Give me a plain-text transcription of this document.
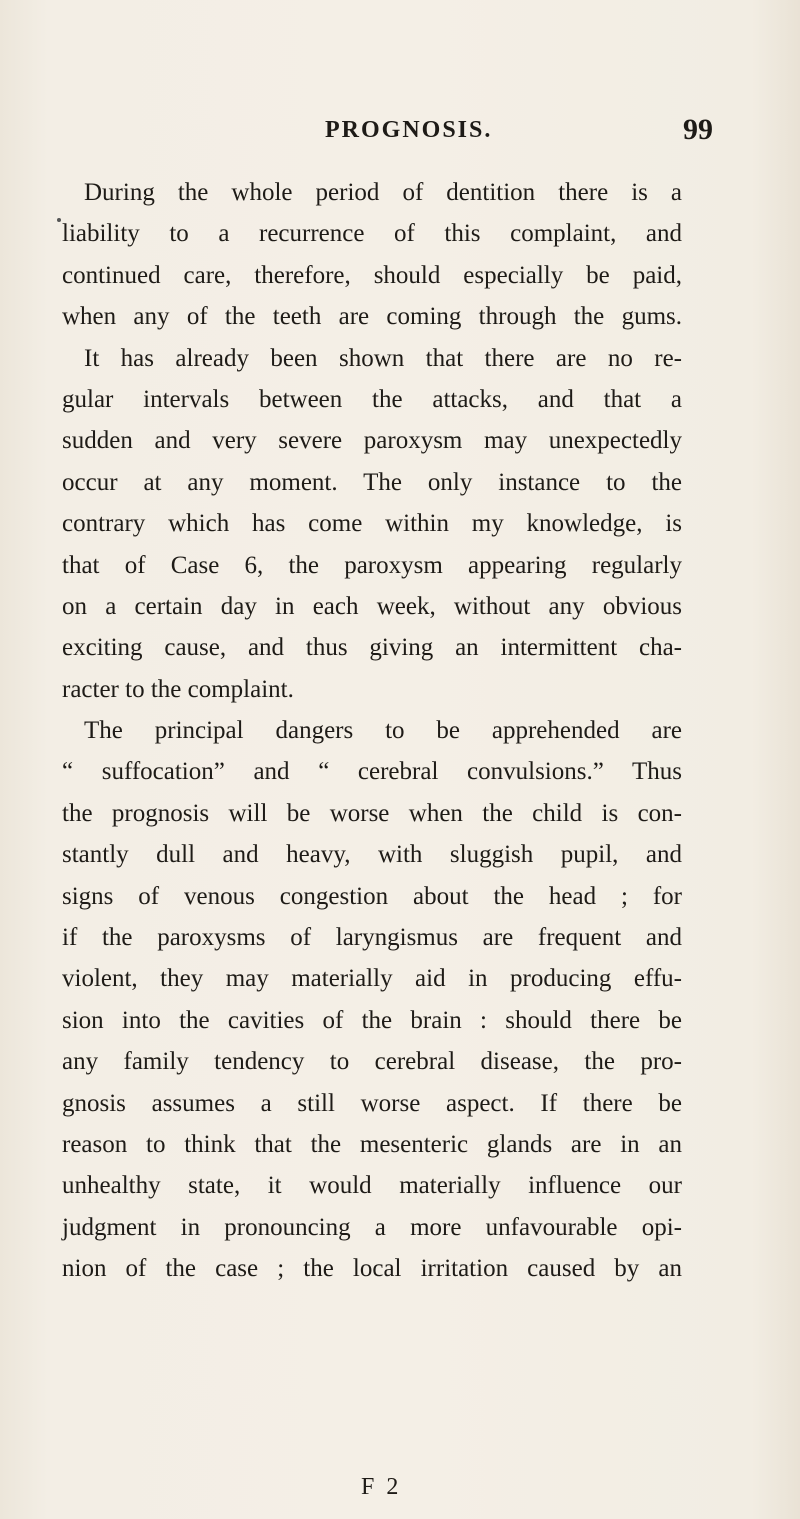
PROGNOSIS.	99
During the whole period of dentition there is a
liability to a recurrence of this complaint, and
continued care, therefore, should especially be paid,
when any of the teeth are coming through the gums.
It has already been shown that there are no re-
gular intervals between the attacks, and that a
sudden and very severe paroxysm may unexpectedly
occur at any moment. The only instance to the
contrary which has come within my knowledge, is
that of Case 6, the paroxysm appearing regularly
on a certain day in each week, without any obvious
exciting cause, and thus giving an intermittent cha-
racter to the complaint.
The principal dangers to be apprehended are
“ suffocation” and “ cerebral convulsions.” Thus
the prognosis will be worse when the child is con-
stantly dull and heavy, with sluggish pupil, and
signs of venous congestion about the head ; for
if the paroxysms of laryngismus are frequent and
violent, they may materially aid in producing effu-
sion into the cavities of the brain : should there be
any family tendency to cerebral disease, the pro-
gnosis assumes a still worse aspect. If there be
reason to think that the mesenteric glands are in an
unhealthy state, it would materially influence our
judgment in pronouncing a more unfavourable opi-
nion of the case ; the local irritation caused by an
F 2
